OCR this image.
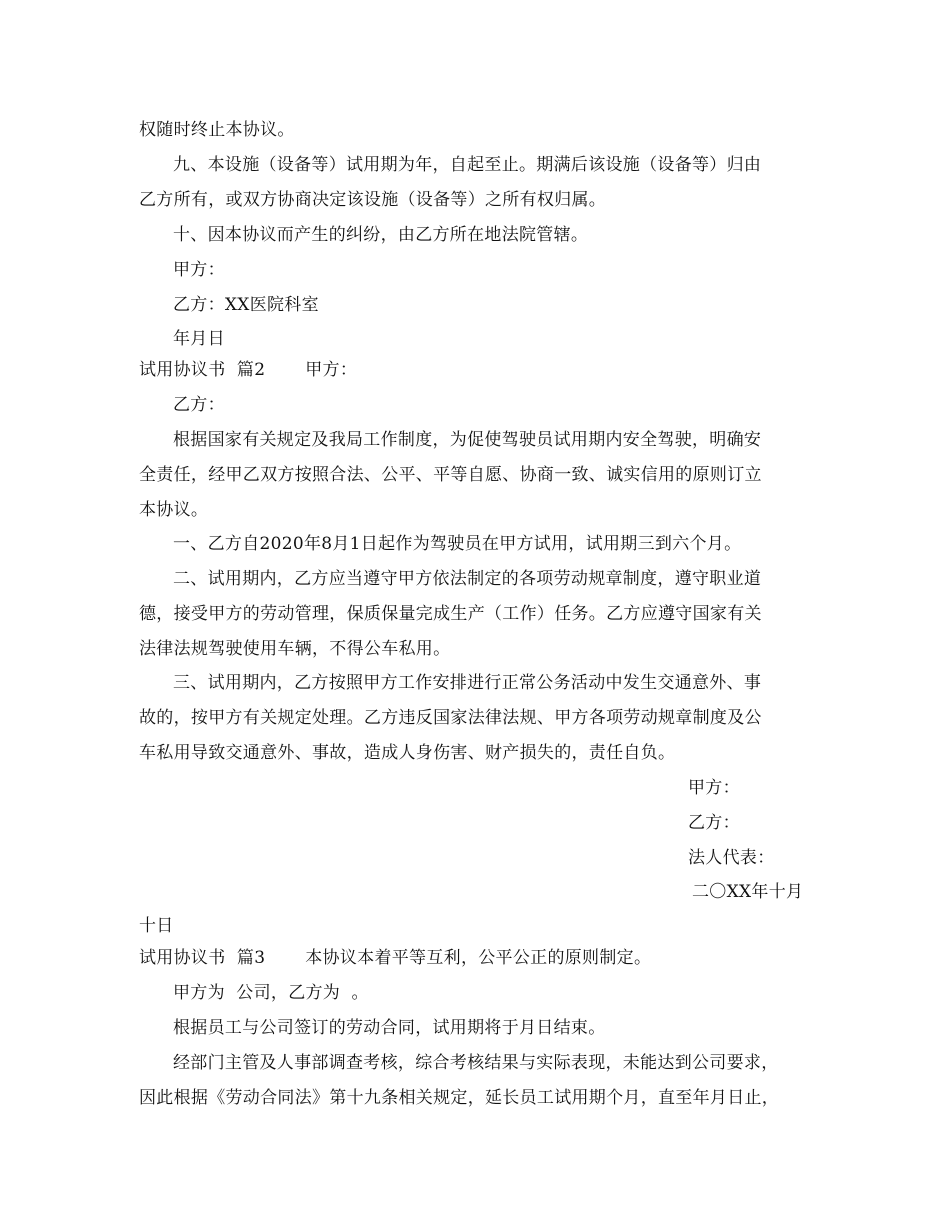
权随时终止本协议。
九、本设施（设备等）试用期为年，自起至止。期满后该设施（设备等）归由
乙方所有，或双方协商决定该设施（设备等）之所有权归属。
十、因本协议而产生的纠纷，由乙方所在地法院管辖。
甲方：
乙方：XX医院科室
年月日
试用协议书  篇2       甲方：
乙方：
根据国家有关规定及我局工作制度，为促使驾驶员试用期内安全驾驶，明确安
全责任，经甲乙双方按照合法、公平、平等自愿、协商一致、诚实信用的原则订立
本协议。
一、乙方自2020年8月1日起作为驾驶员在甲方试用，试用期三到六个月。
二、试用期内，乙方应当遵守甲方依法制定的各项劳动规章制度，遵守职业道
德，接受甲方的劳动管理，保质保量完成生产（工作）任务。乙方应遵守国家有关
法律法规驾驶使用车辆，不得公车私用。
三、试用期内，乙方按照甲方工作安排进行正常公务活动中发生交通意外、事
故的，按甲方有关规定处理。乙方违反国家法律法规、甲方各项劳动规章制度及公
车私用导致交通意外、事故，造成人身伤害、财产损失的，责任自负。
甲方：
乙方：
法人代表：
二〇XX年十月
十日
试用协议书  篇3       本协议本着平等互利，公平公正的原则制定。
甲方为  公司，乙方为  。
根据员工与公司签订的劳动合同，试用期将于月日结束。
经部门主管及人事部调查考核，综合考核结果与实际表现，未能达到公司要求，
因此根据《劳动合同法》第十九条相关规定，延长员工试用期个月，直至年月日止，
